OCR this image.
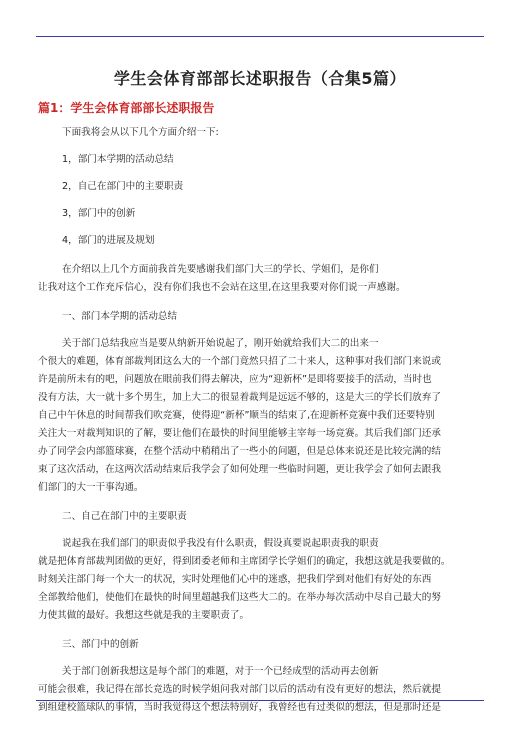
学生会体育部部长述职报告（合集5篇）
篇1：学生会体育部部长述职报告

下面我将会从以下几个方面介绍一下:

1，部门本学期的活动总结

2，自己在部门中的主要职责

3，部门中的创新

4，部门的进展及规划

在介绍以上几个方面前我首先要感谢我们部门大三的学长、学姐们，是你们
让我对这个工作充斥信心，没有你们我也不会站在这里,在这里我要对你们说一声感谢。

一、部门本学期的活动总结

关于部门总结我应当是要从纳新开始说起了，刚开始就给我们大二的出来一
个很大的难题，体育部裁判团这么大的一个部门竟然只招了二十来人，这种事对我们部门来说或
许是前所未有的吧，问题放在眼前我们得去解决，应为“迎新杯”是即将要接手的活动，当时也
没有方法，大一就十多个男生，加上大二的很显着裁判是远远不够的，这是大三的学长们放弃了
自己中午休息的时间帮我们吹竞赛，使得迎“新杯”顺当的结束了,在迎新杯竞赛中我们还要特别
关注大一对裁判知识的了解，要让他们在最快的时间里能够主宰每一场竞赛。其后我们部门还承
办了同学会内部篮球赛，在整个活动中稍稍出了一些小的问题，但是总体来说还是比较完满的结
束了这次活动，在这两次活动结束后我学会了如何处理一些临时问题，更让我学会了如何去跟我
们部门的大一干事沟通。

二、自己在部门中的主要职责

说起我在我们部门的职责似乎我没有什么职责，假设真要说起职责我的职责
就是把体育部裁判团做的更好，得到团委老师和主席团学长学姐们的确定，我想这就是我要做的。
时刻关注部门每一个大一的状况，实时处理他们心中的迷惑，把我们学到对他们有好处的东西
全部教给他们，使他们在最快的时间里超越我们这些大二的。在举办每次活动中尽自己最大的努
力使其做的最好。我想这些就是我的主要职责了。

三、部门中的创新

关于部门创新我想这是每个部门的难题，对于一个已经成型的活动再去创新
可能会很难，我记得在部长竞选的时候学姐问我对部门以后的活动有没有更好的想法，然后就提
到组建校篮球队的事情，当时我觉得这个想法特别好，我曾经也有过类似的想法，但是那时还是
